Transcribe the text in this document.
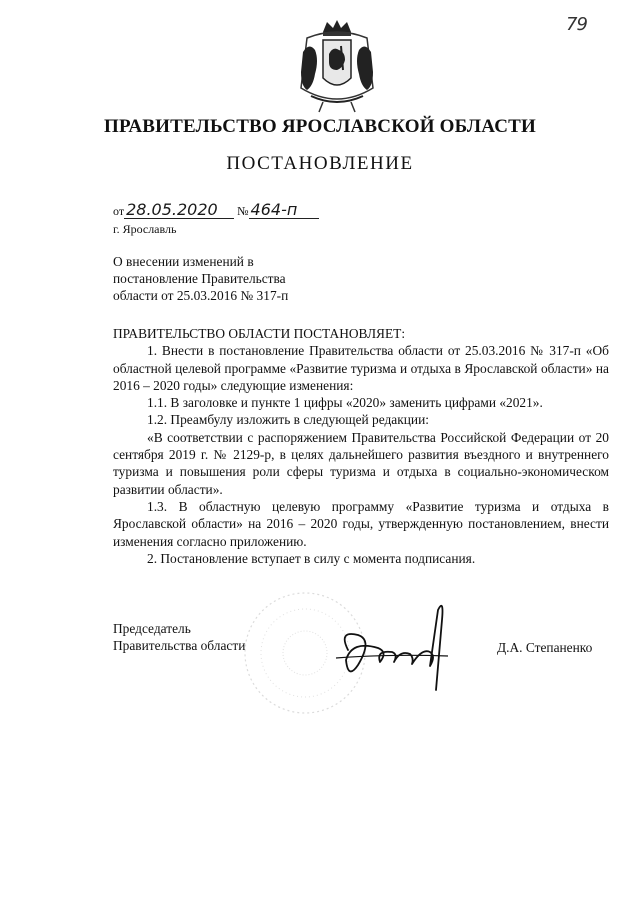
79
ПРАВИТЕЛЬСТВО ЯРОСЛАВСКОЙ ОБЛАСТИ
ПОСТАНОВЛЕНИЕ
от 28.05.2020 № 464-п
г. Ярославль
О внесении изменений в
постановление Правительства
области от 25.03.2016 № 317-п

ПРАВИТЕЛЬСТВО ОБЛАСТИ ПОСТАНОВЛЯЕТ:

1. Внести в постановление Правительства области от 25.03.2016 № 317-п «Об областной целевой программе «Развитие туризма и отдыха в Ярославской области» на 2016 – 2020 годы» следующие изменения:

1.1. В заголовке и пункте 1 цифры «2020» заменить цифрами «2021».

1.2. Преамбулу изложить в следующей редакции:

«В соответствии с распоряжением Правительства Российской Федерации от 20 сентября 2019 г. № 2129-р, в целях дальнейшего развития въездного и внутреннего туризма и повышения роли сферы туризма и отдыха в социально-экономическом развитии области».

1.3. В областную целевую программу «Развитие туризма и отдыха в Ярославской области» на 2016 – 2020 годы, утвержденную постановлением, внести изменения согласно приложению.

2. Постановление вступает в силу с момента подписания.

Председатель
Правительства области	Д.А. Степаненко
